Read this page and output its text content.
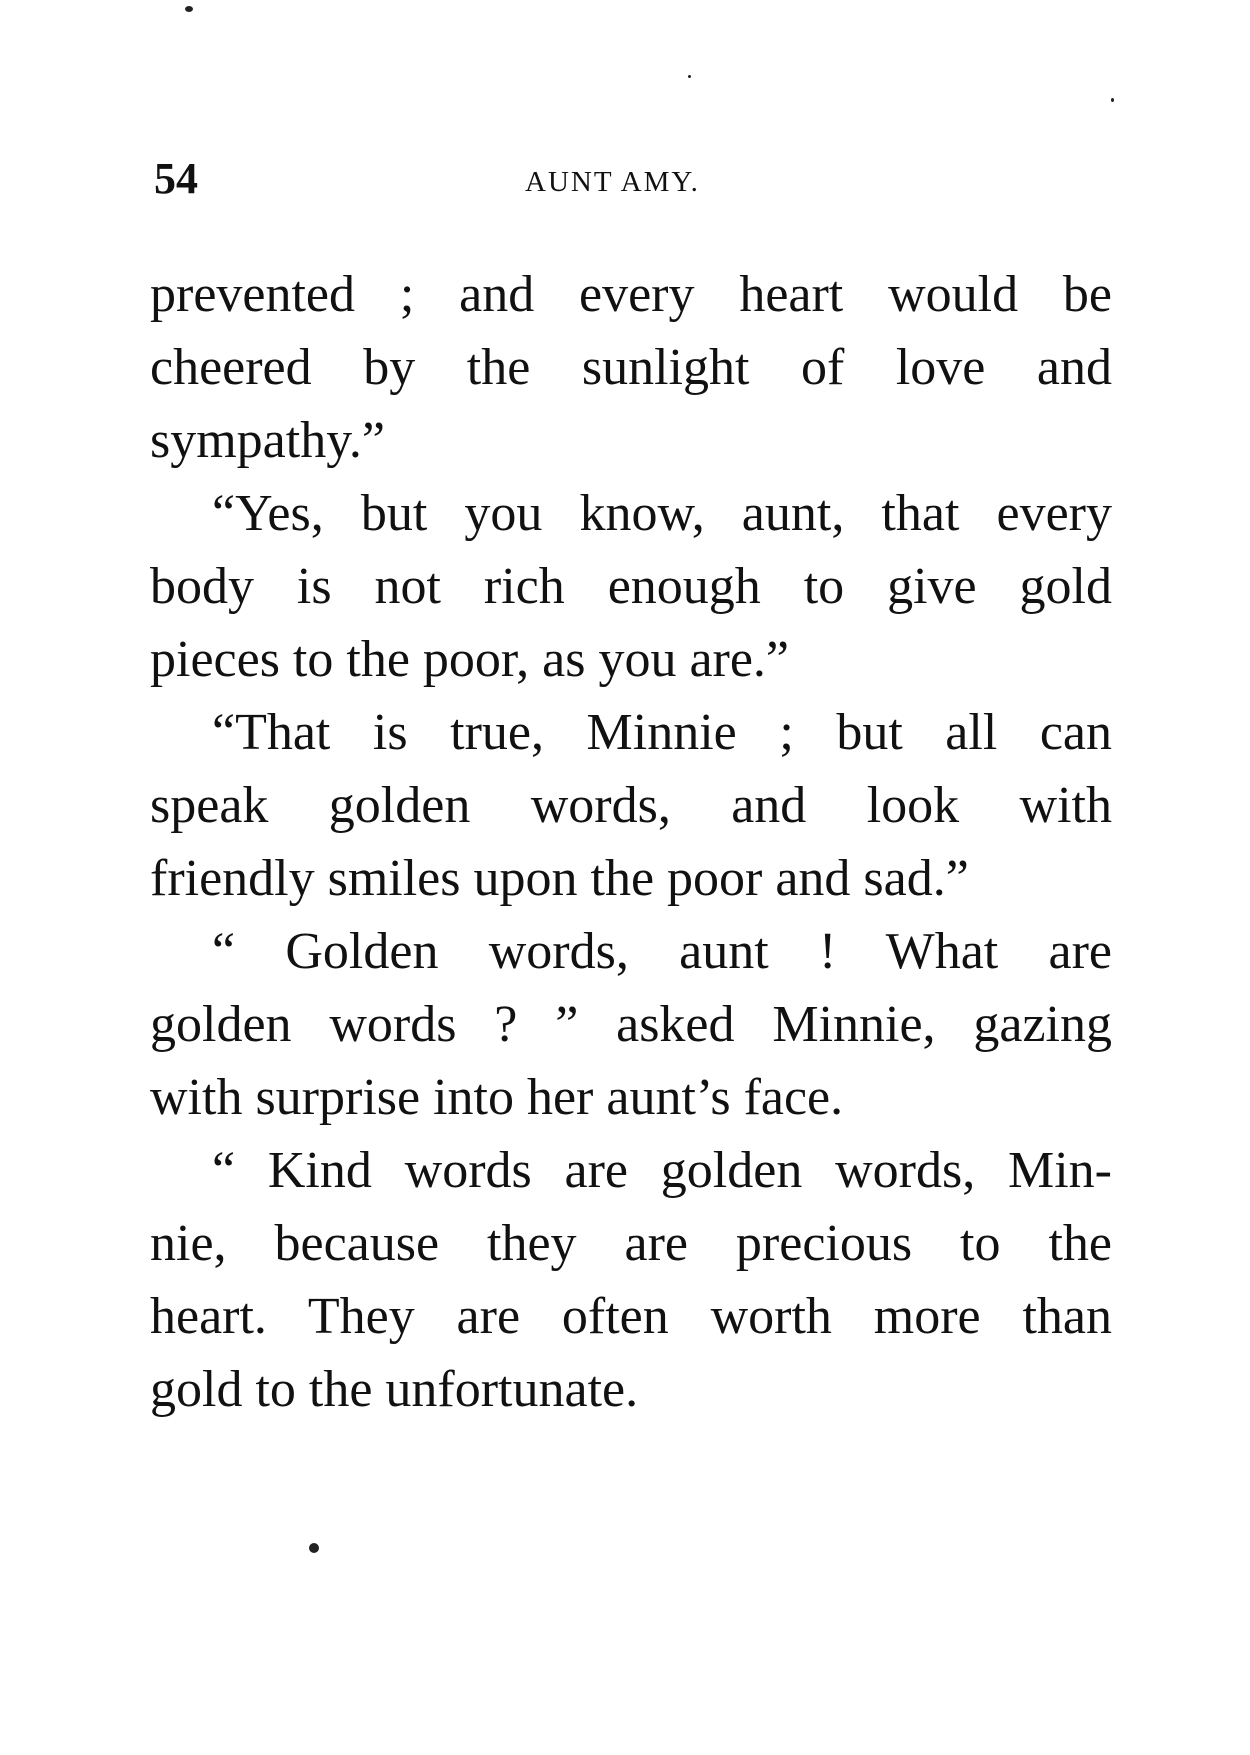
54	AUNT AMY.

prevented ; and every heart would be
cheered by the sunlight of love and
sympathy.”

“Yes, but you know, aunt, that every
body is not rich enough to give gold
pieces to the poor, as you are.”

“That is true, Minnie ; but all can
speak golden words, and look with
friendly smiles upon the poor and sad.”

“ Golden words, aunt ! What are
golden words ? ” asked Minnie, gazing
with surprise into her aunt’s face.

“ Kind words are golden words, Min-
nie, because they are precious to the
heart. They are often worth more than
gold to the unfortunate.
